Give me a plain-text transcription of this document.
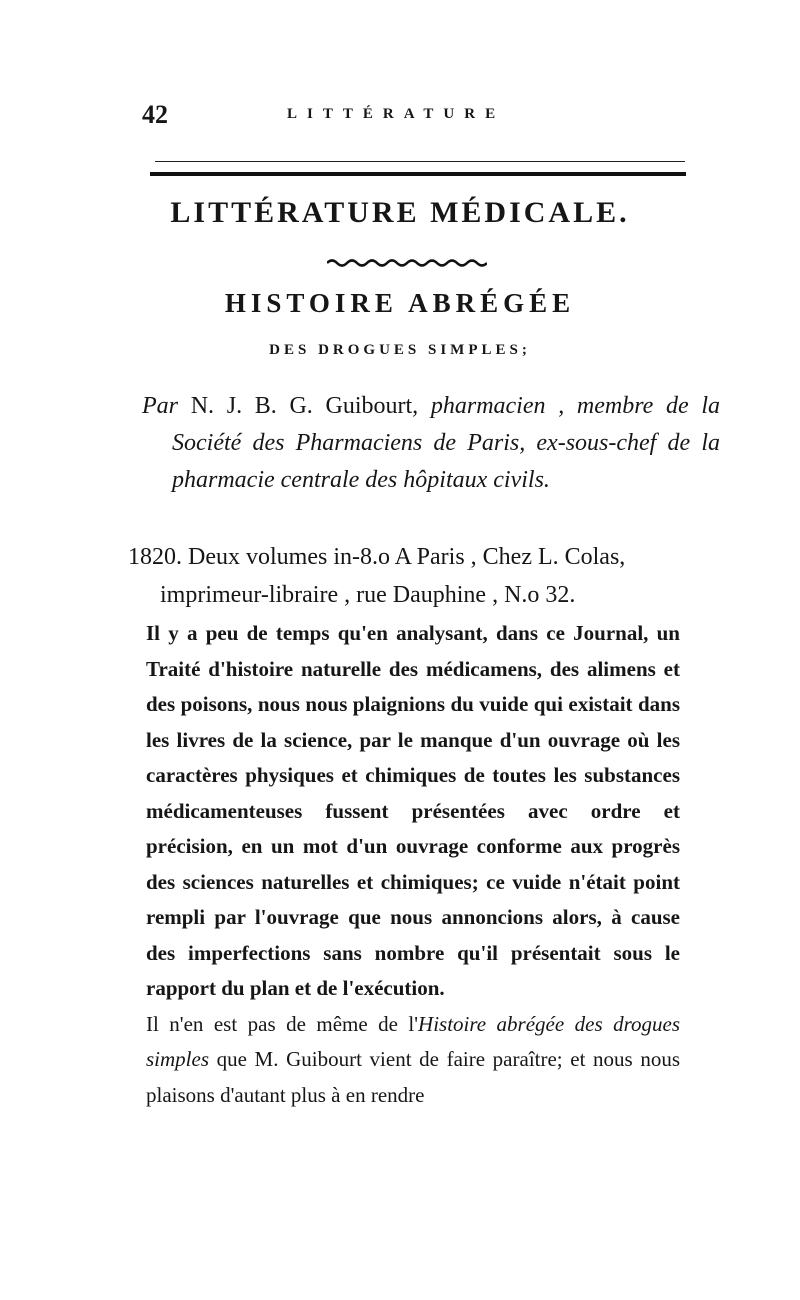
42	LITTÉRATURE
LITTÉRATURE MÉDICALE.
HISTOIRE ABRÉGÉE
DES DROGUES SIMPLES;
Par N. J. B. G. Guibourt, pharmacien , membre de la Société des Pharmaciens de Paris, ex-sous-chef de la pharmacie centrale des hôpitaux civils.
1820. Deux volumes in-8.o A Paris , Chez L. Colas, imprimeur-libraire , rue Dauphine , N.o 32.

Il y a peu de temps qu'en analysant, dans ce Journal, un Traité d'histoire naturelle des médicamens, des alimens et des poisons, nous nous plaignions du vuide qui existait dans les livres de la science, par le manque d'un ouvrage où les caractères physiques et chimiques de toutes les substances médicamenteuses fussent présentées avec ordre et précision, en un mot d'un ouvrage conforme aux progrès des sciences naturelles et chimiques; ce vuide n'était point rempli par l'ouvrage que nous annoncions alors, à cause des imperfections sans nombre qu'il présentait sous le rapport du plan et de l'exécution.

Il n'en est pas de même de l'Histoire abrégée des drogues simples que M. Guibourt vient de faire paraître; et nous nous plaisons d'autant plus à en rendre
